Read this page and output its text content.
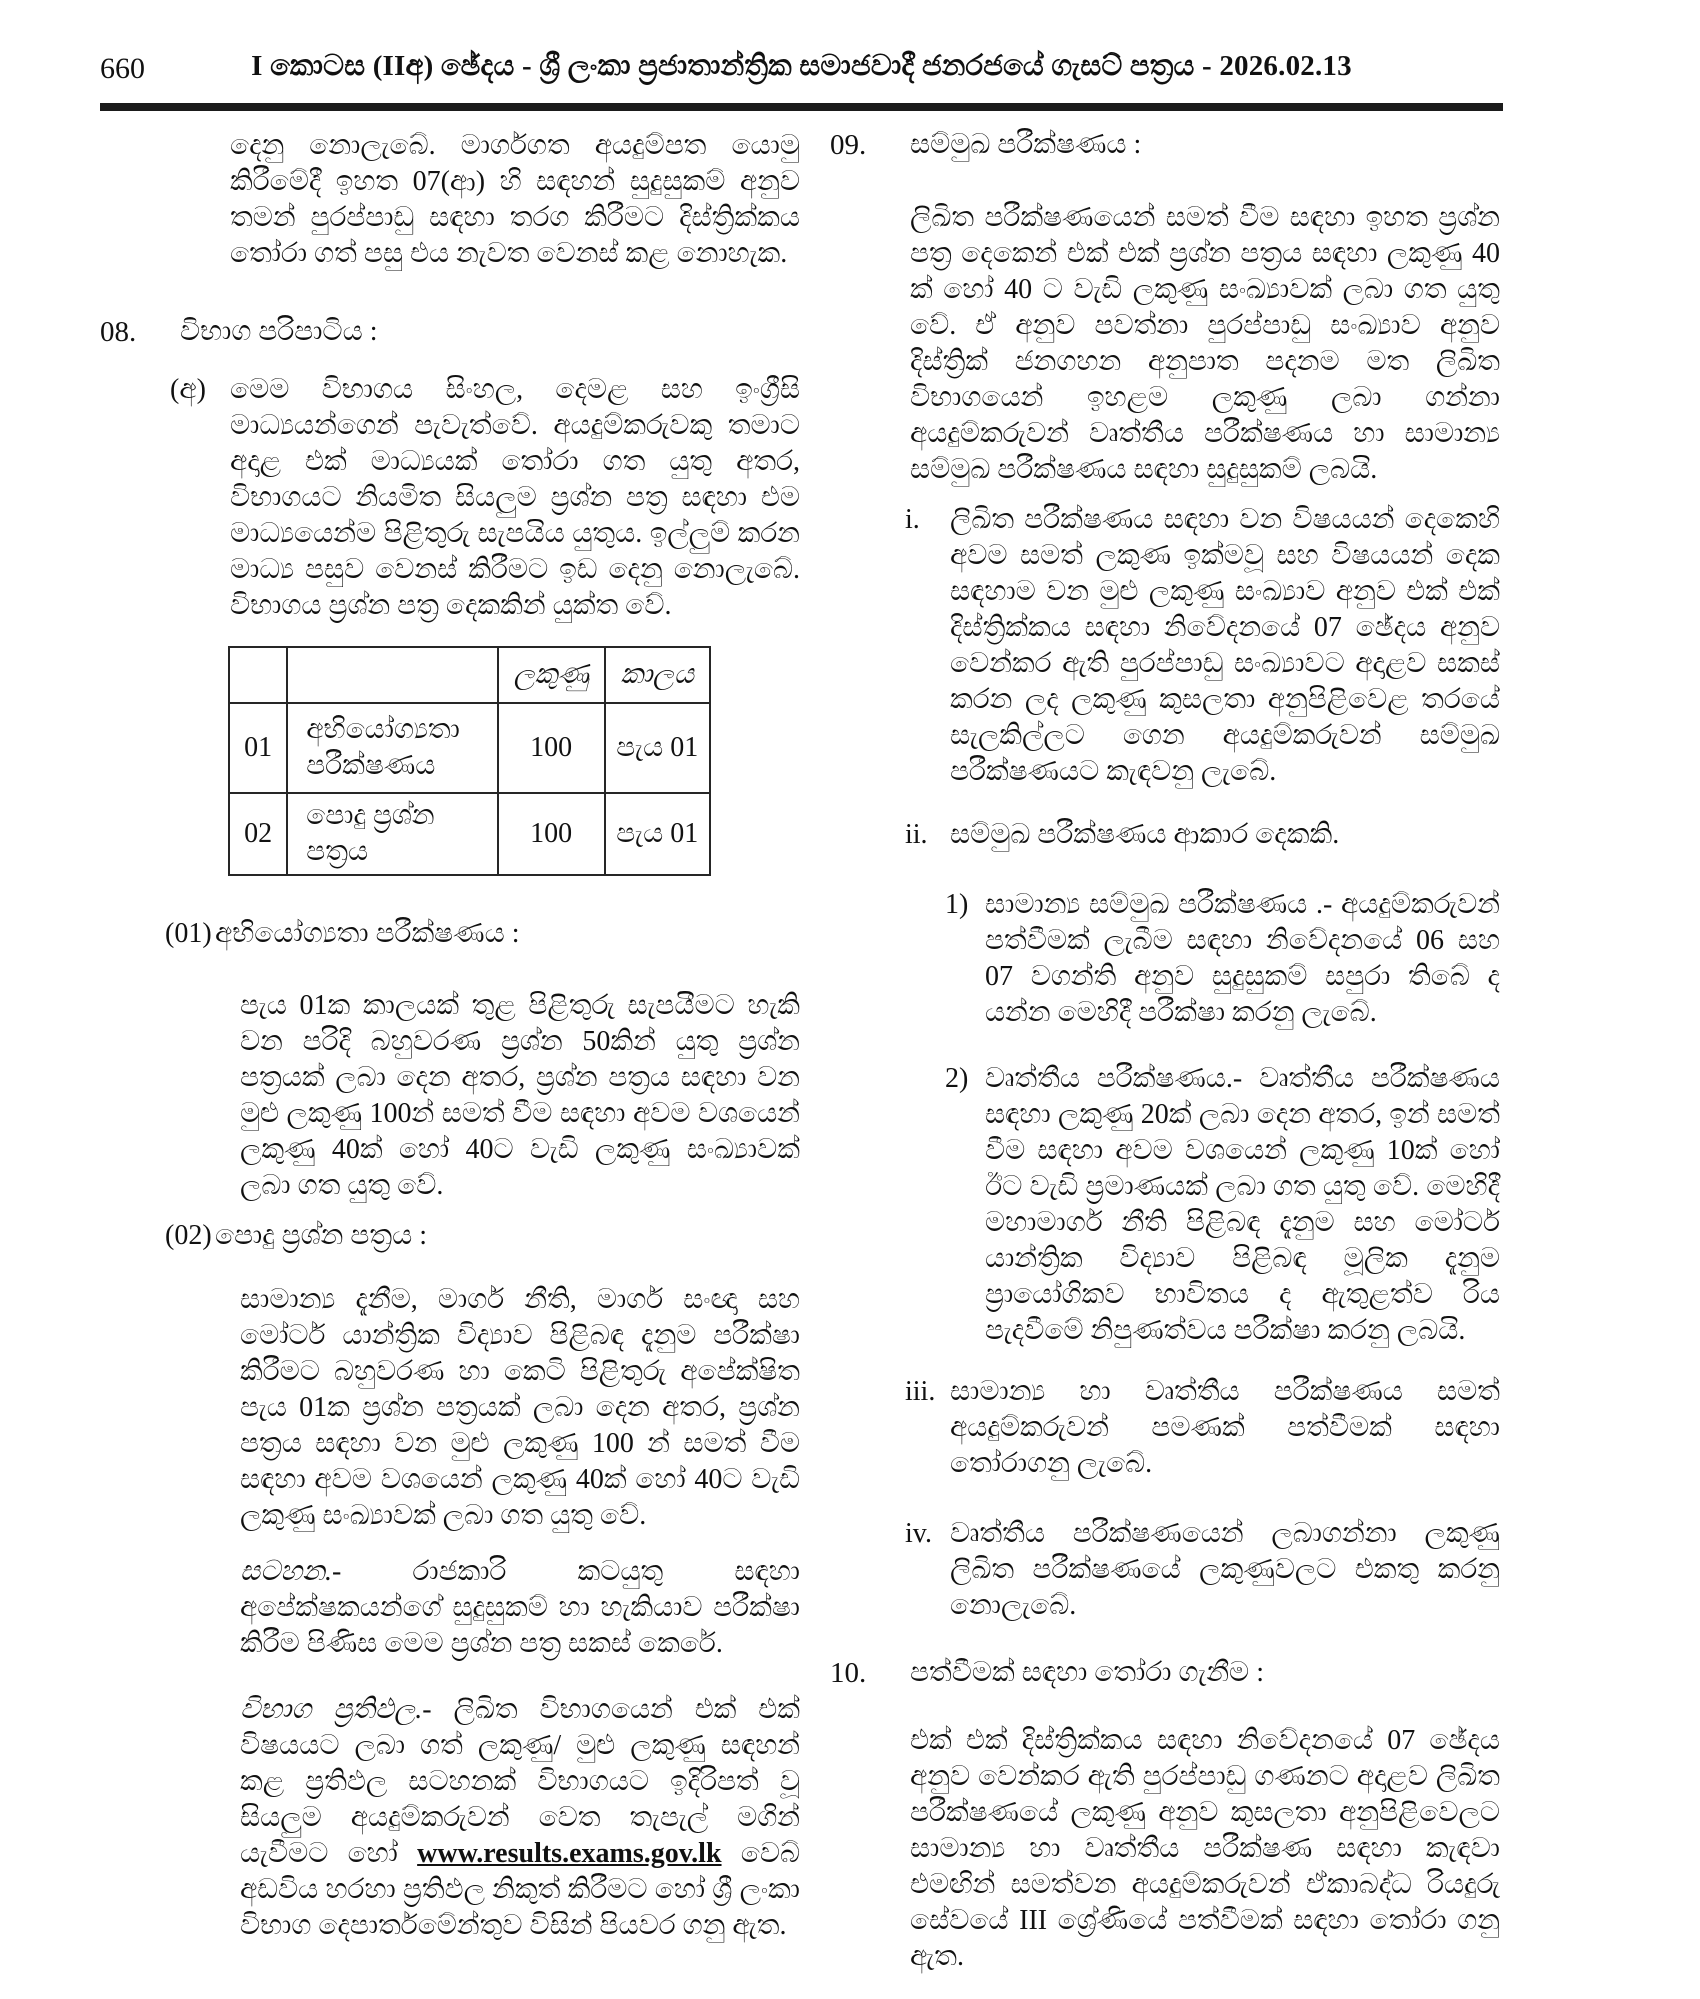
660	I කොටස (IIඅ) ඡේදය - ශ්‍රී ලංකා ප්‍රජාතාන්ත්‍රික සමාජවාදී ජනරජයේ ගැසට් පත්‍රය - 2026.02.13
දෙනු නොලැබේ. මාර්ගගත අයදුම්පත යොමු කිරීමේදී ඉහත 07(ආ) හි සඳහන් සුදුසුකම් අනුව තමන් පුරප්පාඩු සඳහා තරග කිරීමට දිස්ත්‍රික්කය තෝරා ගත් පසු එය නැවත වෙනස් කළ නොහැක.
08.	විභාග පරිපාටිය :
(අ) මෙම විභාගය සිංහල, දෙමළ සහ ඉංග්‍රීසි මාධ්‍යයන්ගෙන් පැවැත්වේ. අයදුම්කරුවකු තමාට අදාළ එක් මාධ්‍යයක් තෝරා ගත යුතු අතර, විභාගයට නියමිත සියලුම ප්‍රශ්න පත්‍ර සඳහා එම මාධ්‍යයෙන්ම පිළිතුරු සැපයිය යුතුය. ඉල්ලුම් කරන මාධ්‍ය පසුව වෙනස් කිරීමට ඉඩ දෙනු නොලැබේ. විභාගය ප්‍රශ්න පත්‍ර දෙකකින් යුක්ත වේ.
		ලකුණු	කාලය
01	අභියෝග්‍යතා පරීක්ෂණය	100	පැය 01
02	පොදු ප්‍රශ්න පත්‍රය	100	පැය 01
(01) අභියෝග්‍යතා පරීක්ෂණය :
පැය 01ක කාලයක් තුළ පිළිතුරු සැපයීමට හැකි වන පරිදි බහුවරණ ප්‍රශ්න 50කින් යුතු ප්‍රශ්න පත්‍රයක් ලබා දෙන අතර, ප්‍රශ්න පත්‍රය සඳහා වන මුළු ලකුණු 100න් සමත් වීම සඳහා අවම වශයෙන් ලකුණු 40ක් හෝ 40ට වැඩි ලකුණු සංඛ්‍යාවක් ලබා ගත යුතු වේ.
(02) පොදු ප්‍රශ්න පත්‍රය :
සාමාන්‍ය දැනීම, මාර්ග නීති, මාර්ග සංඥා සහ මෝටර් යාන්ත්‍රික විද්‍යාව පිළිබඳ දැනුම පරීක්ෂා කිරීමට බහුවරණ හා කෙටි පිළිතුරු අපේක්ෂිත පැය 01ක ප්‍රශ්න පත්‍රයක් ලබා දෙන අතර, ප්‍රශ්න පත්‍රය සඳහා වන මුළු ලකුණු 100 න් සමත් වීම සඳහා අවම වශයෙන් ලකුණු 40ක් හෝ 40ට වැඩි ලකුණු සංඛ්‍යාවක් ලබා ගත යුතු වේ.
සටහන.- රාජකාරි කටයුතු සඳහා අපේක්ෂකයන්ගේ සුදුසුකම් හා හැකියාව පරීක්ෂා කිරීම පිණිස මෙම ප්‍රශ්න පත්‍ර සකස් කෙරේ.
විභාග ප්‍රතිඵල.- ලිඛිත විභාගයෙන් එක් එක් විෂයයට ලබා ගත් ලකුණු/ මුළු ලකුණු සඳහන් කළ ප්‍රතිඵල සටහනක් විභාගයට ඉදිරිපත් වූ සියලුම අයදුම්කරුවන් වෙත තැපැල් මගින් යැවීමට හෝ www.results.exams.gov.lk වෙබ් අඩවිය හරහා ප්‍රතිඵල නිකුත් කිරීමට හෝ ශ්‍රී ලංකා විභාග දෙපාර්තමේන්තුව විසින් පියවර ගනු ඇත.
09.	සම්මුඛ පරීක්ෂණය :
ලිඛිත පරීක්ෂණයෙන් සමත් වීම සඳහා ඉහත ප්‍රශ්න පත්‍ර දෙකෙන් එක් එක් ප්‍රශ්න පත්‍රය සඳහා ලකුණු 40 ක් හෝ 40 ට වැඩි ලකුණු සංඛ්‍යාවක් ලබා ගත යුතු වේ. ඒ අනුව පවත්නා පුරප්පාඩු සංඛ්‍යාව අනුව දිස්ත්‍රික් ජනගහන අනුපාත පදනම මත ලිඛිත විභාගයෙන් ඉහළම ලකුණු ලබා ගන්නා අයදුම්කරුවන් වෘත්තීය පරීක්ෂණය හා සාමාන්‍ය සම්මුඛ පරීක්ෂණය සඳහා සුදුසුකම් ලබයි.
i.	ලිඛිත පරීක්ෂණය සඳහා වන විෂයයන් දෙකෙහි අවම සමත් ලකුණ ඉක්මවූ සහ විෂයයන් දෙක සඳහාම වන මුළු ලකුණු සංඛ්‍යාව අනුව එක් එක් දිස්ත්‍රික්කය සඳහා නිවේදනයේ 07 ඡේදය අනුව වෙන්කර ඇති පුරප්පාඩු සංඛ්‍යාවට අදාළව සකස් කරන ලද ලකුණු කුසලතා අනුපිළිවෙළ තරයේ සැලකිල්ලට ගෙන අයදුම්කරුවන් සම්මුඛ පරීක්ෂණයට කැඳවනු ලැබේ.
ii. සම්මුඛ පරීක්ෂණය ආකාර දෙකකි.
1) සාමාන්‍ය සම්මුඛ පරීක්ෂණය .- අයදුම්කරුවන් පත්වීමක් ලැබීම සඳහා නිවේදනයේ 06 සහ 07 වගන්ති අනුව සුදුසුකම් සපුරා තිබේ ද යන්න මෙහිදී පරීක්ෂා කරනු ලැබේ.
2) වෘත්තීය පරීක්ෂණය.- වෘත්තීය පරීක්ෂණය සඳහා ලකුණු 20ක් ලබා දෙන අතර, ඉන් සමත් වීම සඳහා අවම වශයෙන් ලකුණු 10ක් හෝ ඊට වැඩි ප්‍රමාණයක් ලබා ගත යුතු වේ. මෙහිදී මහාමාර්ග නීති පිළිබඳ දැනුම සහ මෝටර් යාන්ත්‍රික විද්‍යාව පිළිබඳ මූලික දැනුම ප්‍රායෝගිකව භාවිතය ද ඇතුළත්ව රිය පැදවීමේ නිපුණත්වය පරීක්ෂා කරනු ලබයි.
iii. සාමාන්‍ය හා වෘත්තීය පරීක්ෂණය සමත් අයදුම්කරුවන් පමණක් පත්වීමක් සඳහා තෝරාගනු ලැබේ.
iv. වෘත්තීය පරීක්ෂණයෙන් ලබාගන්නා ලකුණු ලිඛිත පරීක්ෂණයේ ලකුණුවලට එකතු කරනු නොලැබේ.
10.	පත්වීමක් සඳහා තෝරා ගැනීම :
එක් එක් දිස්ත්‍රික්කය සඳහා නිවේදනයේ 07 ඡේදය අනුව වෙන්කර ඇති පුරප්පාඩු ගණනට අදාළව ලිඛිත පරීක්ෂණයේ ලකුණු අනුව කුසලතා අනුපිළිවෙලට සාමාන්‍ය හා වෘත්තීය පරීක්ෂණ සඳහා කැඳවා එමඟින් සමත්වන අයදුම්කරුවන් ඒකාබද්ධ රියදුරු සේවයේ III ශ්‍රේණියේ පත්වීමක් සඳහා තෝරා ගනු ඇත.
